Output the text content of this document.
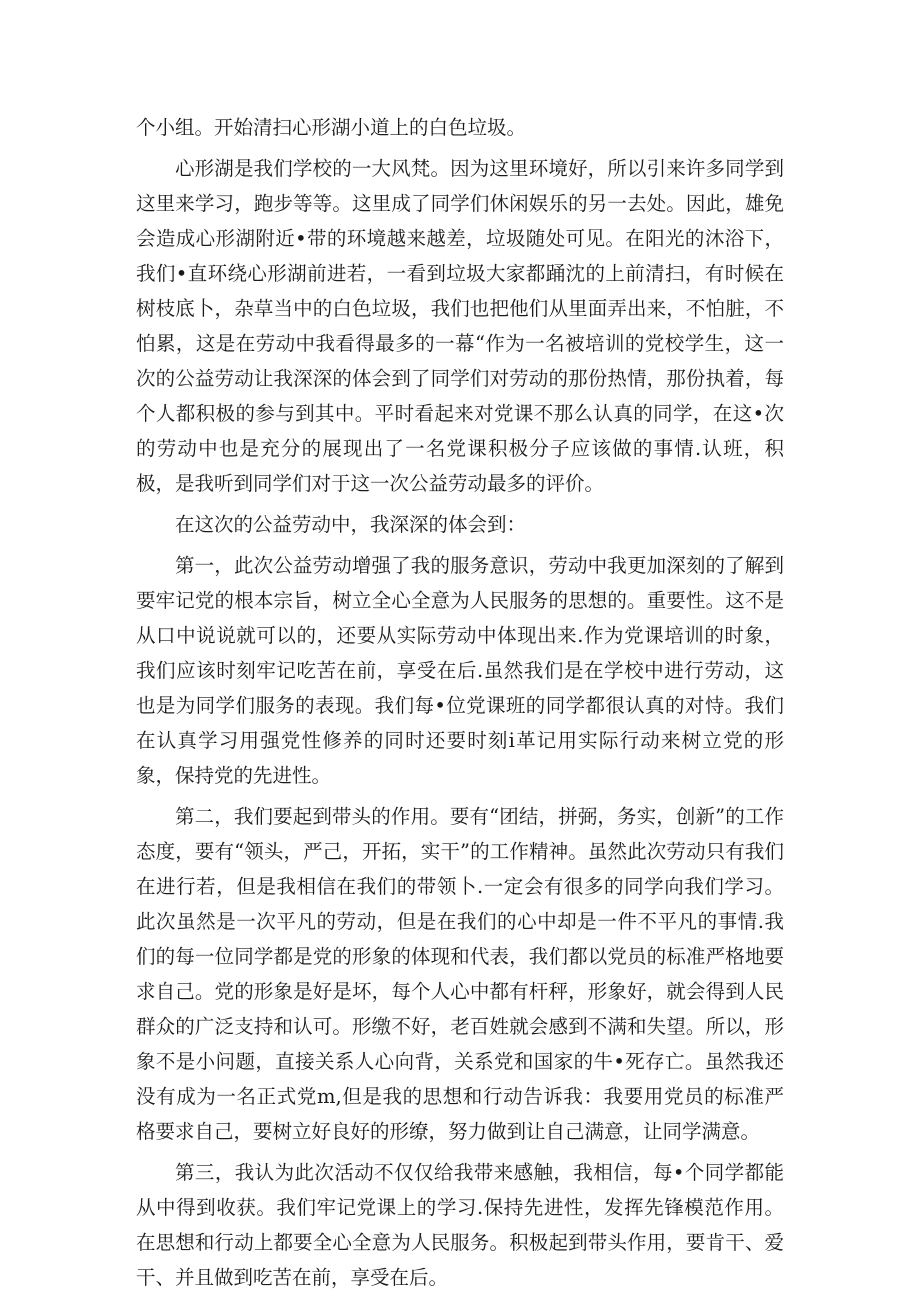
个小组。开始清扫心形湖小道上的白色垃圾。

心形湖是我们学校的一大风梵。因为这里环境好，所以引来许多同学到这里来学习，跑步等等。这里成了同学们休闲娱乐的另一去处。因此，雄免会造成心形湖附近•带的环境越来越差，垃圾随处可见。在阳光的沐浴下，我们•直环绕心形湖前进若，一看到垃圾大家都踊沈的上前清扫，有时候在树枝底卜，杂草当中的白色垃圾，我们也把他们从里面弄出来，不怕脏，不怕累，这是在劳动中我看得最多的一幕“作为一名被培训的党校学生，这一次的公益劳动让我深深的体会到了同学们对劳动的那份热情，那份执着，每个人都积极的参与到其中。平时看起来对党课不那么认真的同学，在这•次的劳动中也是充分的展现出了一名党课积极分子应该做的事情.认班，积极，是我听到同学们对于这一次公益劳动最多的评价。

在这次的公益劳动中，我深深的体会到：

第一，此次公益劳动增强了我的服务意识，劳动中我更加深刻的了解到要牢记党的根本宗旨，树立全心全意为人民服务的思想的。重要性。这不是从口中说说就可以的，还要从实际劳动中体现出来.作为党课培训的时象，我们应该时刻牢记吃苦在前，享受在后.虽然我们是在学校中进行劳动，这也是为同学们服务的表现。我们每•位党课班的同学都很认真的对恃。我们在认真学习用强党性修养的同时还要时刻i革记用实际行动来树立党的形象，保持党的先进性。

第二，我们要起到带头的作用。要有“团结，拼弼，务实，创新”的工作态度，要有“领头，严己，开拓，实干”的工作精神。虽然此次劳动只有我们在进行若，但是我相信在我们的带领卜.一定会有很多的同学向我们学习。此次虽然是一次平凡的劳动，但是在我们的心中却是一件不平凡的事情.我们的每一位同学都是党的形象的体现和代表，我们都以党员的标准严格地要求自己。党的形象是好是坏，每个人心中都有杆秤，形象好，就会得到人民群众的广泛支持和认可。形缴不好，老百姓就会感到不满和失望。所以，形象不是小问题，直接关系人心向背，关系党和国家的牛•死存亡。虽然我还没有成为一名正式党m,但是我的思想和行动告诉我：我要用党员的标准严格要求自己，要树立好良好的形缭，努力做到让自己满意，让同学满意。

第三，我认为此次活动不仅仅给我带来感触，我相信，每•个同学都能从中得到收获。我们牢记党课上的学习.保持先进性，发挥先锋模范作用。在思想和行动上都要全心全意为人民服务。积极起到带头作用，要肯干、爱干、并且做到吃苦在前，享受在后。
